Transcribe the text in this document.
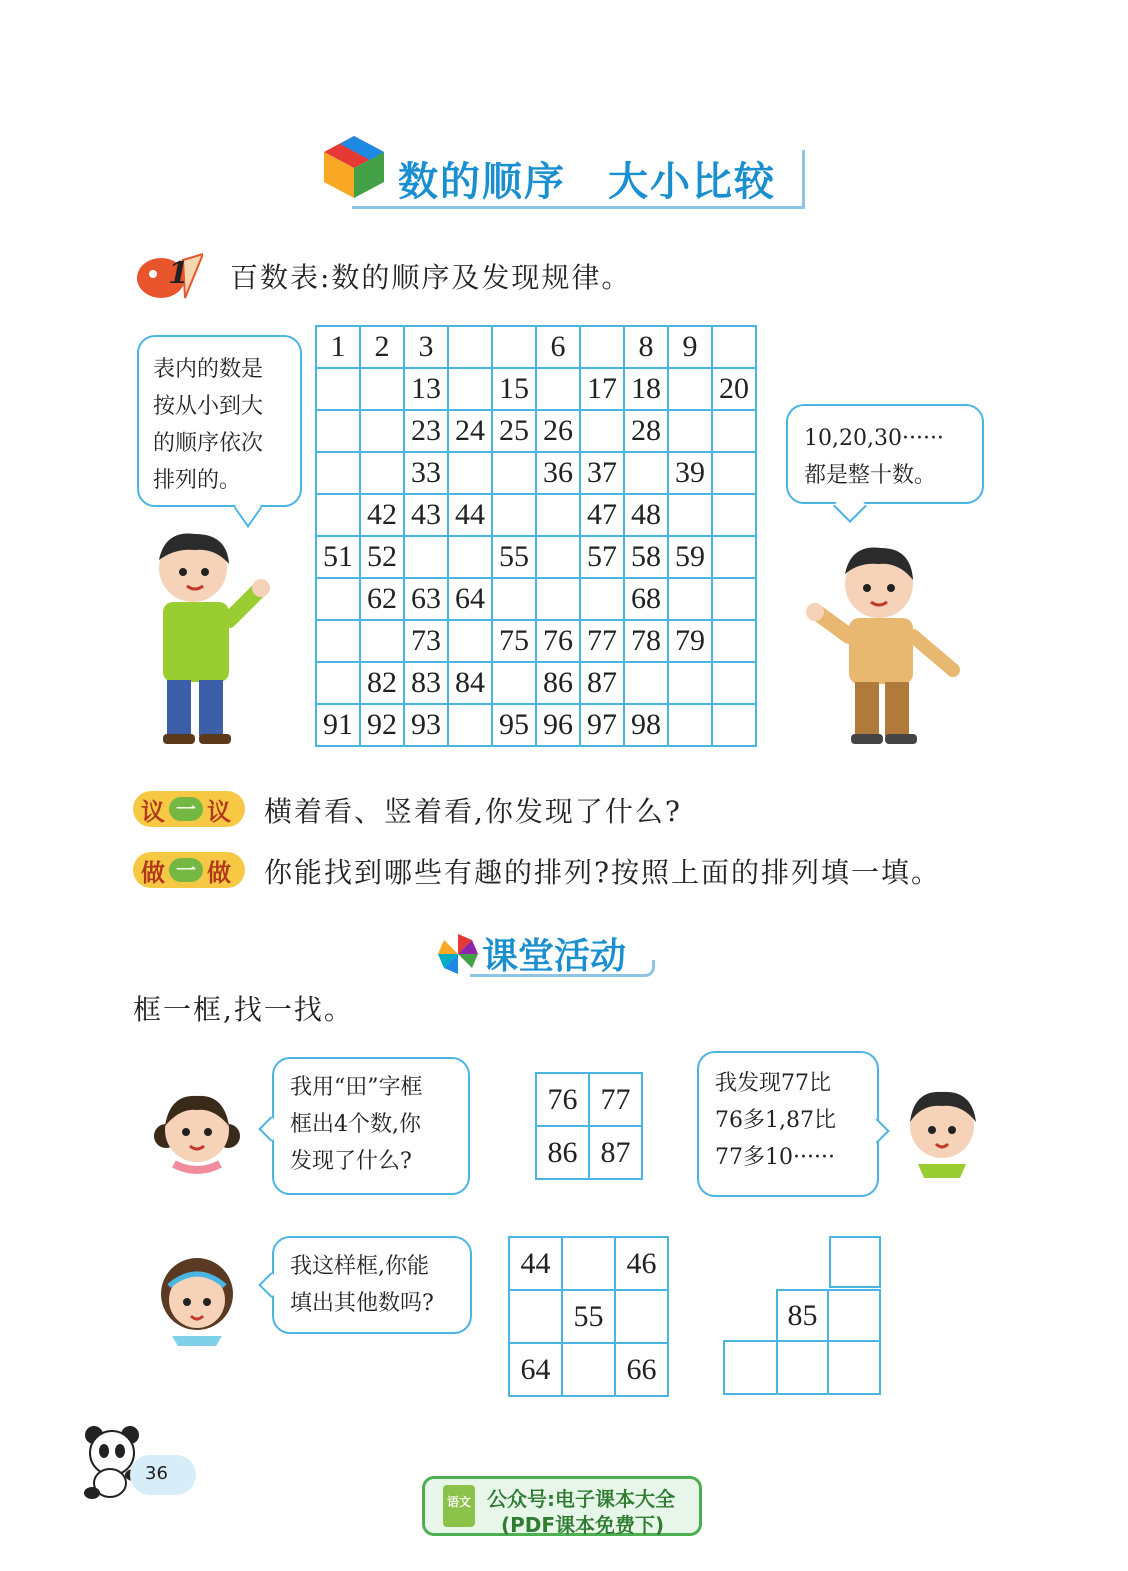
数的顺序　大小比较
1 百数表:数的顺序及发现规律。
1	2	3			6		8	9	
		13		15		17	18		20
		23	24	25	26		28		
		33			36	37		39	
	42	43	44			47	48		
51	52			55		57	58	59	
	62	63	64				68		
		73		75	76	77	78	79	
	82	83	84		86	87			
91	92	93		95	96	97	98		
表内的数是
按从小到大
的顺序依次
排列的。
10,20,30······
都是整十数。
议 一 议 横着看、竖着看,你发现了什么?
做 一 做 你能找到哪些有趣的排列?按照上面的排列填一填。
课堂活动
框一框,找一找。
我用“田”字框
框出4个数,你
发现了什么?
76	77
86	87
我发现77比
76多1,87比
77多10······
我这样框,你能
填出其他数吗?
44		46
	55	
64		66
85
36
语文 公众号:电子课本大全
(PDF课本免费下)
